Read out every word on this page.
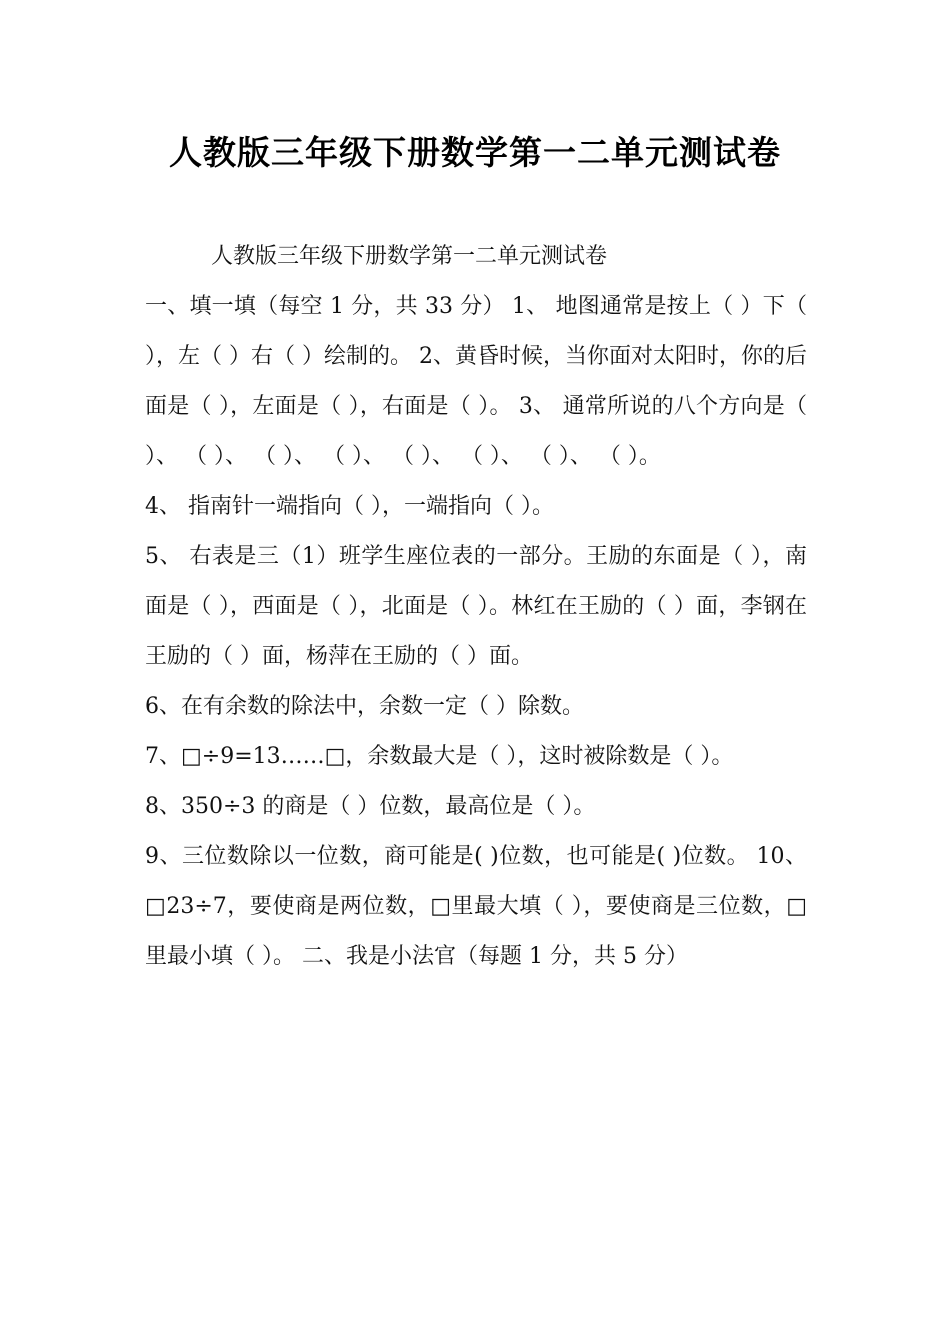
人教版三年级下册数学第一二单元测试卷

人教版三年级下册数学第一二单元测试卷

一、填一填（每空 1 分，共 33 分） 1、 地图通常是按上（ ）下（ ），左（ ）右（ ）绘制的。 2、黄昏时候，当你面对太阳时，你的后面是（ ），左面是（ ），右面是（ ）。 3、 通常所说的八个方向是（ ）、 （ ）、 （ ）、 （ ）、 （ ）、 （ ）、 （ ）、 （ ）。

4、 指南针一端指向（ ），一端指向（ ）。

5、 右表是三（1）班学生座位表的一部分。王励的东面是（ ），南面是（ ），西面是（ ），北面是（ ）。林红在王励的（ ）面，李钢在王励的（ ）面，杨萍在王励的（ ）面。

6、在有余数的除法中，余数一定（ ）除数。

7、□÷9=13……□，余数最大是（ ），这时被除数是（ ）。

8、350÷3 的商是（ ）位数，最高位是（ ）。

9、三位数除以一位数，商可能是( )位数，也可能是( )位数。 10、□23÷7，要使商是两位数，□里最大填（ ），要使商是三位数，□里最小填（ ）。 二、我是小法官（每题 1 分，共 5 分）
